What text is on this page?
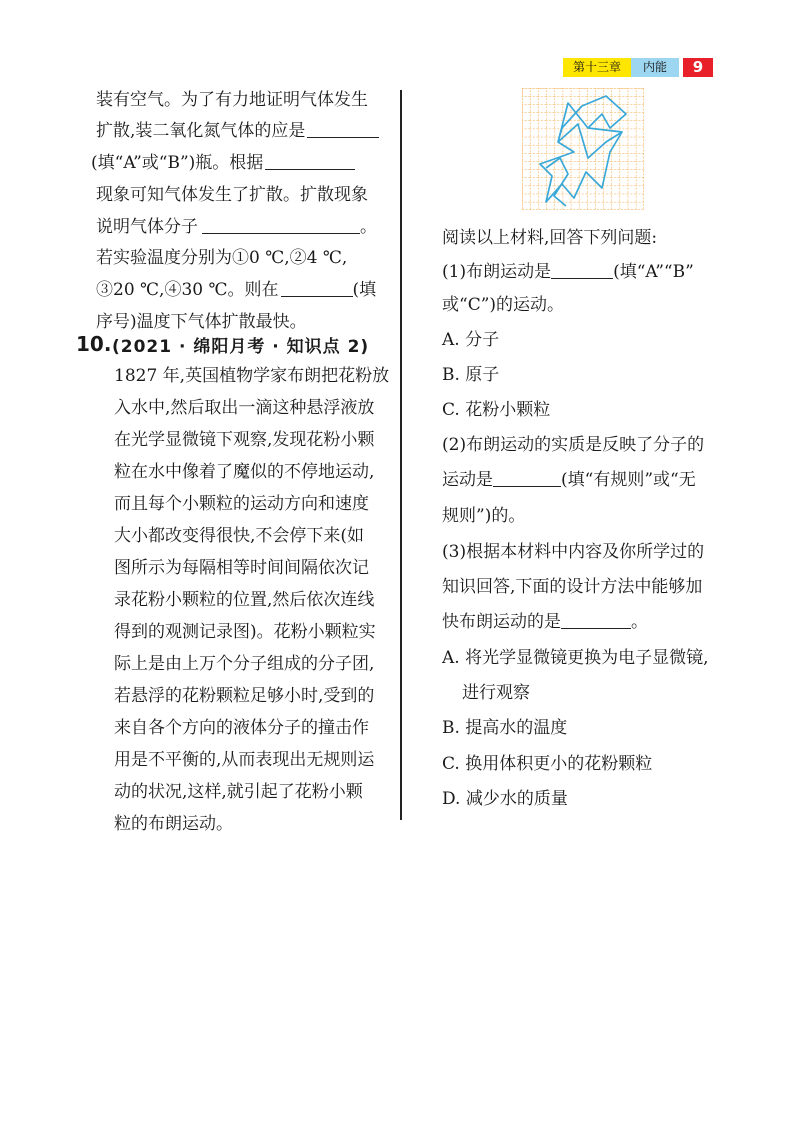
第十三章	内能	9
装有空气。为了有力地证明气体发生
扩散,装二氧化氮气体的应是
(填“A”或“B”)瓶。根据
现象可知气体发生了扩散。扩散现象
说明气体分子	。
若实验温度分别为①0 ℃,②4 ℃,
③20 ℃,④30 ℃。则在	(填
序号)温度下气体扩散最快。
10. (2021 · 绵阳月考 · 知识点 2)
1827 年,英国植物学家布朗把花粉放
入水中,然后取出一滴这种悬浮液放
在光学显微镜下观察,发现花粉小颗
粒在水中像着了魔似的不停地运动,
而且每个小颗粒的运动方向和速度
大小都改变得很快,不会停下来(如
图所示为每隔相等时间间隔依次记
录花粉小颗粒的位置,然后依次连线
得到的观测记录图)。花粉小颗粒实
际上是由上万个分子组成的分子团,
若悬浮的花粉颗粒足够小时,受到的
来自各个方向的液体分子的撞击作
用是不平衡的,从而表现出无规则运
动的状况,这样,就引起了花粉小颗
粒的布朗运动。
阅读以上材料,回答下列问题:
(1)布朗运动是	(填“A”“B”
或“C”)的运动。
A. 分子
B. 原子
C. 花粉小颗粒
(2)布朗运动的实质是反映了分子的
运动是	(填“有规则”或“无
规则”)的。
(3)根据本材料中内容及你所学过的
知识回答,下面的设计方法中能够加
快布朗运动的是	。
A. 将光学显微镜更换为电子显微镜,
进行观察
B. 提高水的温度
C. 换用体积更小的花粉颗粒
D. 减少水的质量
